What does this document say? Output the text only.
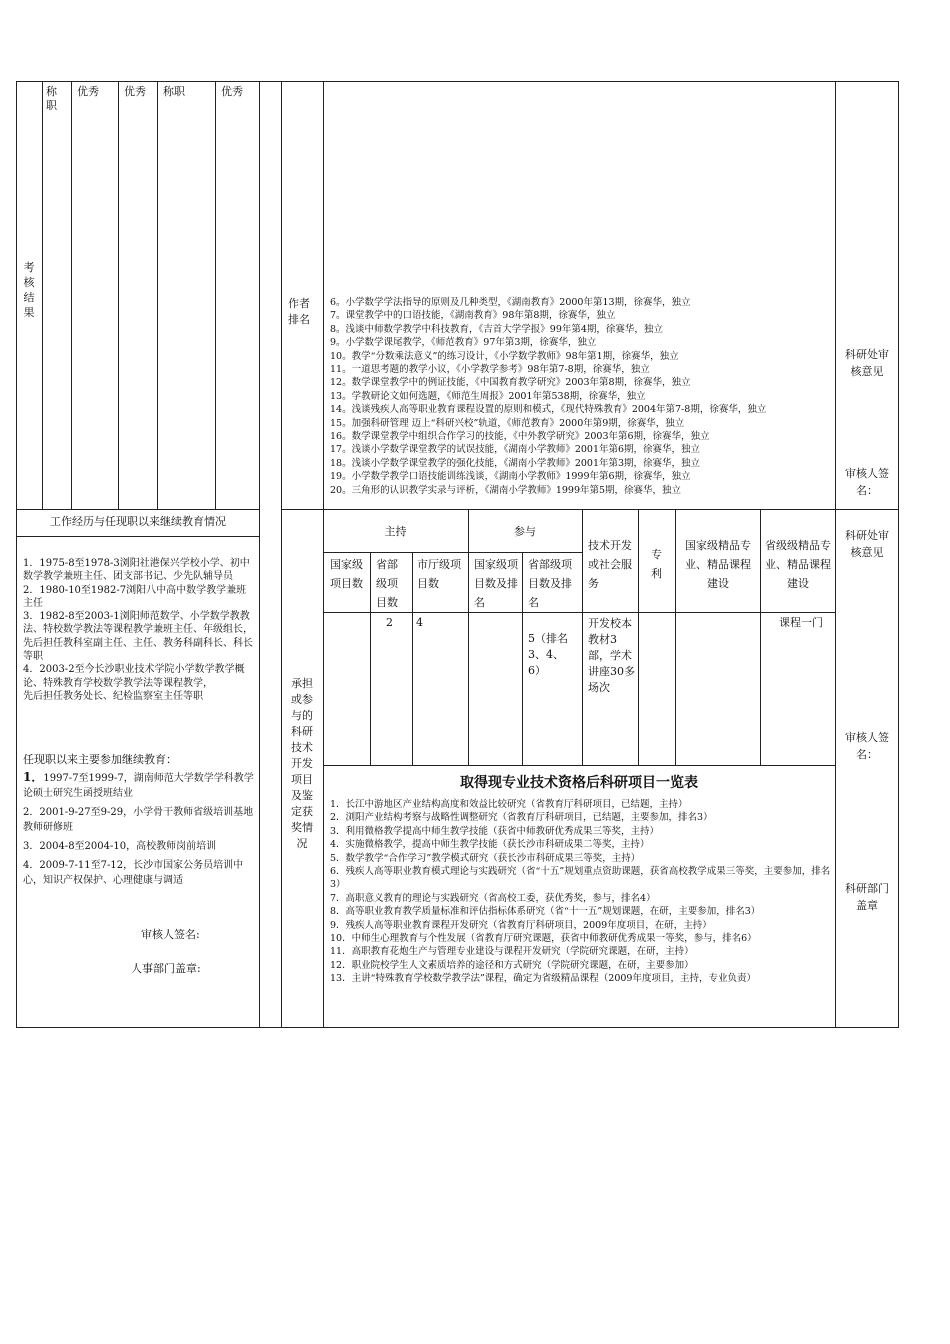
考核结果
称职
优秀 优秀 称职	优秀
作者排名
6。小学数学学法指导的原则及几种类型，《湖南教育》2000年第13期，徐赛华，独立
7。课堂教学中的口语技能，《湖南教育》98年第8期，徐赛华，独立
8。浅谈中师数学教学中科技教育，《吉首大学学报》99年第4期，徐赛华，独立
9。小学数学课尾教学，《师范教育》97年第3期，徐赛华，独立
10。教学“分数乘法意义”的练习设计，《小学数学教师》98年第1期，徐赛华，独立
11。一道思考题的教学小议，《小学教学参考》98年第7-8期，徐赛华，独立
12。数学课堂教学中的例证技能，《中国教育教学研究》2003年第8期，徐赛华，独立
13。学教研论文如何选题，《师范生周报》2001年第538期，徐赛华，独立
14。浅谈残疾人高等职业教育课程设置的原则和模式，《现代特殊教育》2004年第7-8期，徐赛华，独立
15。加强科研管理 迈上“科研兴校”轨道，《师范教育》2000年第9期，徐赛华，独立
16。数学课堂教学中组织合作学习的技能，《中外教学研究》2003年第6期，徐赛华，独立
17。浅谈小学数学课堂教学的试误技能，《湖南小学教师》2001年第6期，徐赛华，独立
18。浅谈小学数学课堂教学的强化技能，《湖南小学教师》2001年第3期，徐赛华，独立
19。小学数学教学口语技能训练浅谈，《湖南小学教师》1999年第6期，徐赛华，独立
20。三角形的认识教学实录与评析，《湖南小学教师》1999年第5期，徐赛华，独立
科研处审核意见
审核人签名：
工作经历与任现职以来继续教育情况
1．1975-8至1978-3浏阳社港保兴学校小学、初中数学教学兼班主任、团支部书记、少先队辅导员
2．1980-10至1982-7浏阳八中高中数学教学兼班主任
3．1982-8至2003-1浏阳师范数学、小学数学教教法、特校数学教法等课程教学兼班主任、年级组长，先后担任教科室副主任、主任、教务科副科长、科长等职
4．2003-2至今长沙职业技术学院小学数学教学概论、特殊教育学校数学教学法等课程教学，
先后担任教务处长、纪检监察室主任等职
任现职以来主要参加继续教育：
1．1997-7至1999-7，湖南师范大学数学学科教学论硕士研究生函授班结业
2．2001-9-27至9-29，小学骨干教师省级培训基地教师研修班
3．2004-8至2004-10，高校教师岗前培训
4．2009-7-11至7-12，长沙市国家公务员培训中心，知识产权保护、心理健康与调适
审核人签名:
人事部门盖章:
承担或参与的科研技术开发项目及鉴定获奖情况
主持	参与
国家级项目数
省部级项目数
市厅级项目数
国家级项目数及排名
省部级项目数及排名
技术开发或社会服务
专利
国家级精品专业、精品课程建设
省级级精品专业、精品课程建设
2 4
5（排名3、4、6）
开发校本教材3部，学术讲座30多场次
课程一门
取得现专业技术资格后科研项目一览表
1．长江中游地区产业结构高度和效益比较研究（省教育厅科研项目，已结题，主持）
2．浏阳产业结构考察与战略性调整研究（省教育厅科研项目，已结题，主要参加，排名3）
3．利用微格教学提高中师生教学技能（获省中师教研优秀成果三等奖，主持）
4．实施微格教学，提高中师生教学技能（获长沙市科研成果二等奖，主持）
5．数学教学“合作学习”教学模式研究（获长沙市科研成果三等奖，主持）
6．残疾人高等职业教育模式理论与实践研究（省“十五”规划重点资助课题，获省高校教学成果三等奖，主要参加，排名3）
7．高职意义教育的理论与实践研究（省高校工委，获优秀奖，参与，排名4）
8．高等职业教育教学质量标准和评估指标体系研究（省“十一五”规划课题，在研，主要参加，排名3）
9．残疾人高等职业教育课程开发研究（省教育厅科研项目，2009年度项目，在研，主持）
10．中师生心理教育与个性发展（省教育厅研究课题，获省中师教研优秀成果一等奖，参与，排名6）
11．高职教育花炮生产与管理专业建设与课程开发研究（学院研究课题，在研，主持）
12．职业院校学生人文素质培养的途径和方式研究（学院研究课题，在研，主要参加）
13．主讲“特殊教育学校数学教学法”课程，确定为省级精品课程（2009年度项目，主持，专业负责）
科研处审核意见
审核人签名：
科研部门盖章
